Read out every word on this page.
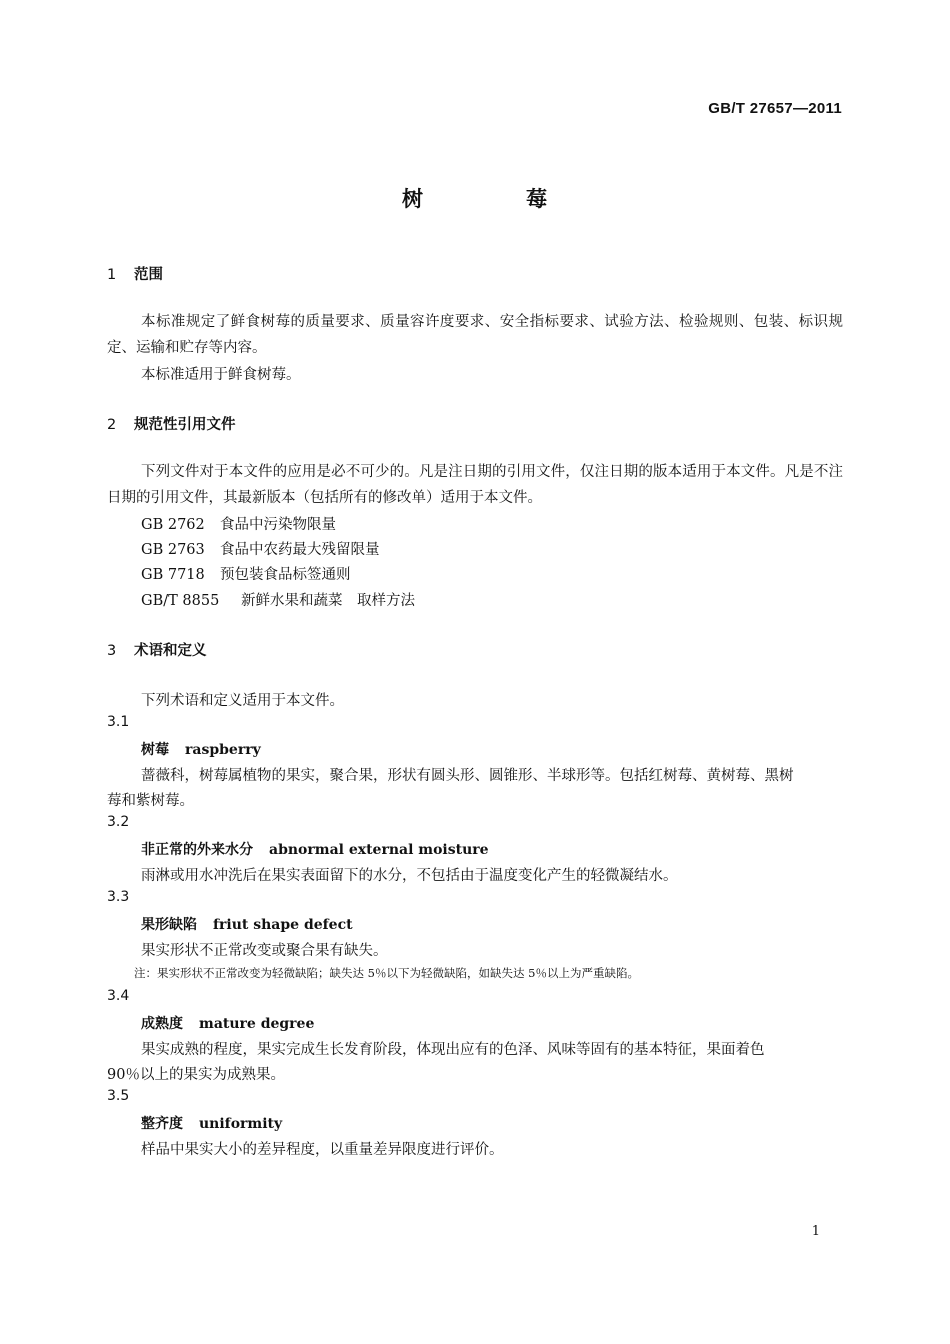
GB/T 27657—2011
树	莓
1 范围

本标准规定了鲜食树莓的质量要求、质量容许度要求、安全指标要求、试验方法、检验规则、包装、标识规定、运输和贮存等内容。

本标准适用于鲜食树莓。
2 规范性引用文件

下列文件对于本文件的应用是必不可少的。凡是注日期的引用文件，仅注日期的版本适用于本文件。凡是不注日期的引用文件，其最新版本（包括所有的修改单）适用于本文件。

GB 2762 食品中污染物限量
GB 2763 食品中农药最大残留限量
GB 7718 预包装食品标签通则
GB/T 8855 新鲜水果和蔬菜　取样方法
3 术语和定义
下列术语和定义适用于本文件。
3.1
树莓 raspberry
蔷薇科，树莓属植物的果实，聚合果，形状有圆头形、圆锥形、半球形等。包括红树莓、黄树莓、黑树
莓和紫树莓。
3.2
非正常的外来水分 abnormal external moisture
雨淋或用水冲洗后在果实表面留下的水分，不包括由于温度变化产生的轻微凝结水。
3.3
果形缺陷 friut shape defect
果实形状不正常改变或聚合果有缺失。
注：果实形状不正常改变为轻微缺陷；缺失达 5％以下为轻微缺陷，如缺失达 5％以上为严重缺陷。
3.4
成熟度 mature degree
果实成熟的程度，果实完成生长发育阶段，体现出应有的色泽、风味等固有的基本特征，果面着色
90％以上的果实为成熟果。
3.5
整齐度 uniformity
样品中果实大小的差异程度，以重量差异限度进行评价。
1
